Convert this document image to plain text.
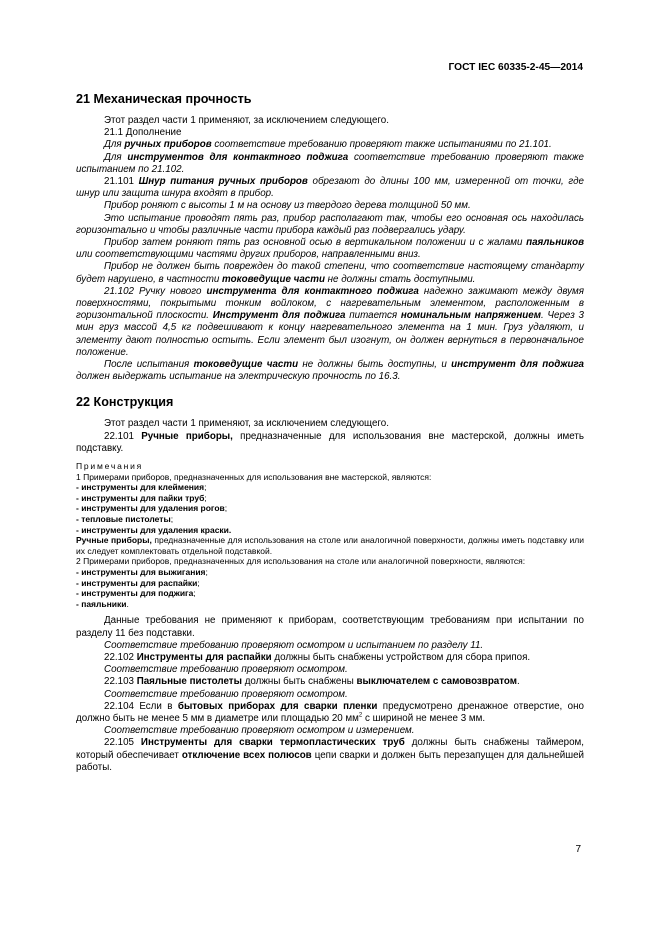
ГОСТ IEC 60335-2-45—2014
21 Механическая прочность

Этот раздел части 1 применяют, за исключением следующего.

21.1 Дополнение

Для ручных приборов соответствие требованию проверяют также испытаниями по 21.101.

Для инструментов для контактного поджига соответствие требованию проверяют также испытанием по 21.102.

21.101 Шнур питания ручных приборов обрезают до длины 100 мм, измеренной от точки, где шнур или защита шнура входят в прибор.

Прибор роняют с высоты 1 м на основу из твердого дерева толщиной 50 мм.

Это испытание проводят пять раз, прибор располагают так, чтобы его основная ось находилась горизонтально и чтобы различные части прибора каждый раз подвергались удару.

Прибор затем роняют пять раз основной осью в вертикальном положении и с жалами паяльников или соответствующими частями других приборов, направленными вниз.

Прибор не должен быть поврежден до такой степени, что соответствие настоящему стандарту будет нарушено, в частности токоведущие части не должны стать доступными.

21.102 Ручку нового инструмента для контактного поджига надежно зажимают между двумя поверхностями, покрытыми тонким войлоком, с нагревательным элементом, расположенным в горизонтальной плоскости. Инструмент для поджига питается номинальным напряжением. Через 3 мин груз массой 4,5 кг подвешивают к концу нагревательного элемента на 1 мин. Груз удаляют, и элементу дают полностью остыть. Если элемент был изогнут, он должен вернуться в первоначальное положение.

После испытания токоведущие части не должны быть доступны, и инструмент для поджига должен выдержать испытание на электрическую прочность по 16.3.

22 Конструкция

Этот раздел части 1 применяют, за исключением следующего.

22.101 Ручные приборы, предназначенные для использования вне мастерской, должны иметь подставку.

Примечания

1 Примерами приборов, предназначенных для использования вне мастерской, являются:

- инструменты для клеймения;

- инструменты для пайки труб;

- инструменты для удаления рогов;

- тепловые пистолеты;

- инструменты для удаления краски.

Ручные приборы, предназначенные для использования на столе или аналогичной поверхности, должны иметь подставку или их следует комплектовать отдельной подставкой.

2 Примерами приборов, предназначенных для использования на столе или аналогичной поверхности, являются:

- инструменты для выжигания;

- инструменты для распайки;

- инструменты для поджига;

- паяльники.

Данные требования не применяют к приборам, соответствующим требованиям при испытании по разделу 11 без подставки.

Соответствие требованию проверяют осмотром и испытанием по разделу 11.

22.102 Инструменты для распайки должны быть снабжены устройством для сбора припоя.

Соответствие требованию проверяют осмотром.

22.103 Паяльные пистолеты должны быть снабжены выключателем с самовозвратом.

Соответствие требованию проверяют осмотром.

22.104 Если в бытовых приборах для сварки пленки предусмотрено дренажное отверстие, оно должно быть не менее 5 мм в диаметре или площадью 20 $мм^2$ с шириной не менее 3 мм.

Соответствие требованию проверяют осмотром и измерением.

22.105 Инструменты для сварки термопластических труб должны быть снабжены таймером, который обеспечивает отключение всех полюсов цепи сварки и должен быть перезапущен для дальнейшей работы.

7
